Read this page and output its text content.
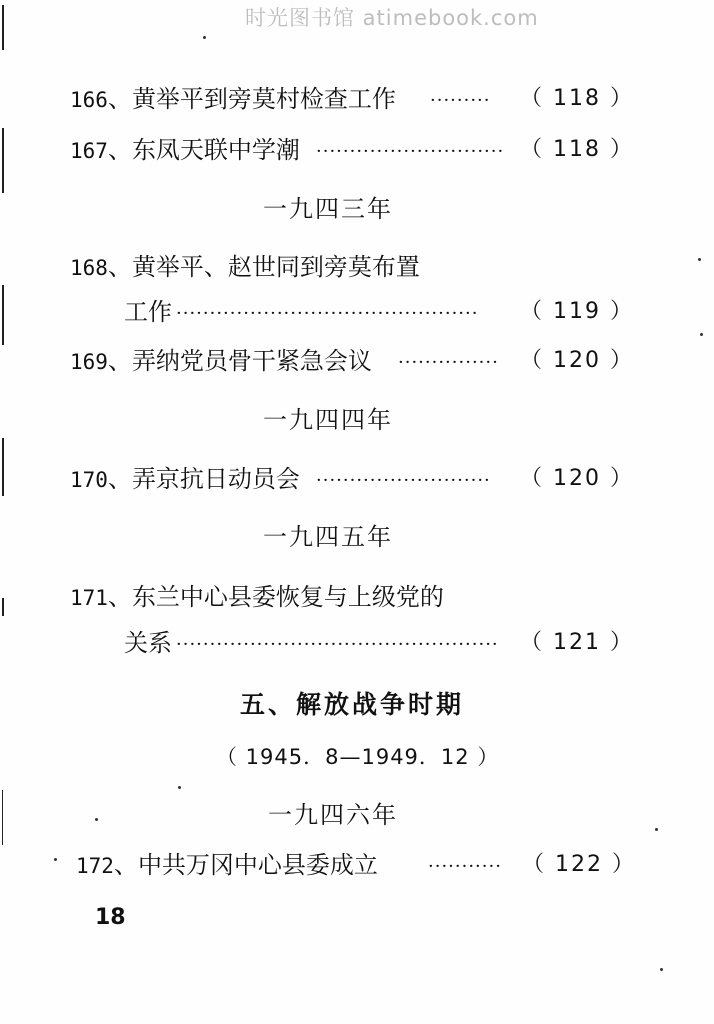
时光图书馆 atimebook.com
166、黄举平到旁莫村检查工作 ·········	（ 118 ）
167、东凤天联中学潮 ···························· （ 118 ）
一九四三年
168、黄举平、赵世同到旁莫布置
工作 ·············································	（ 119 ）
169、弄纳党员骨干紧急会议 ··············· （ 120 ）
一九四四年
170、弄京抗日动员会 ··························	（ 120 ）
一九四五年
171、东兰中心县委恢复与上级党的
关系 ················································ （ 121 ）
五、解放战争时期
（ 1945．8—1949．12 ）
一九四六年
172、中共万冈中心县委成立	··········· （ 122 ）
18
